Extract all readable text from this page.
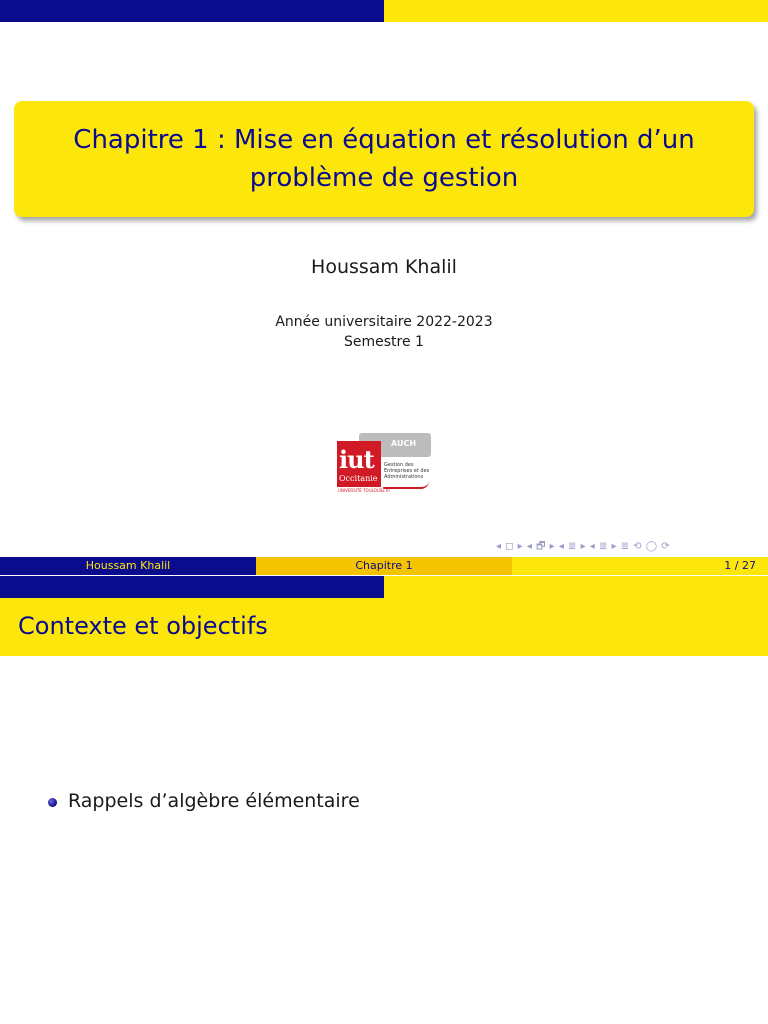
Chapitre 1 : Mise en équation et résolution d’un problème de gestion
Houssam Khalil
Année universitaire 2022-2023
Semestre 1
AUCH
iut
Occitanie
Gestion des Entreprises et des Administrations
UNIVERSITÉ TOULOUSE III
◂ ◻ ▸ ◂ 🗗 ▸ ◂ ≣ ▸ ◂ ≣ ▸ ≣ ⟲ ◯ ⟳
Houssam Khalil	Chapitre 1	1 / 27
Contexte et objectifs
Rappels d’algèbre élémentaire
